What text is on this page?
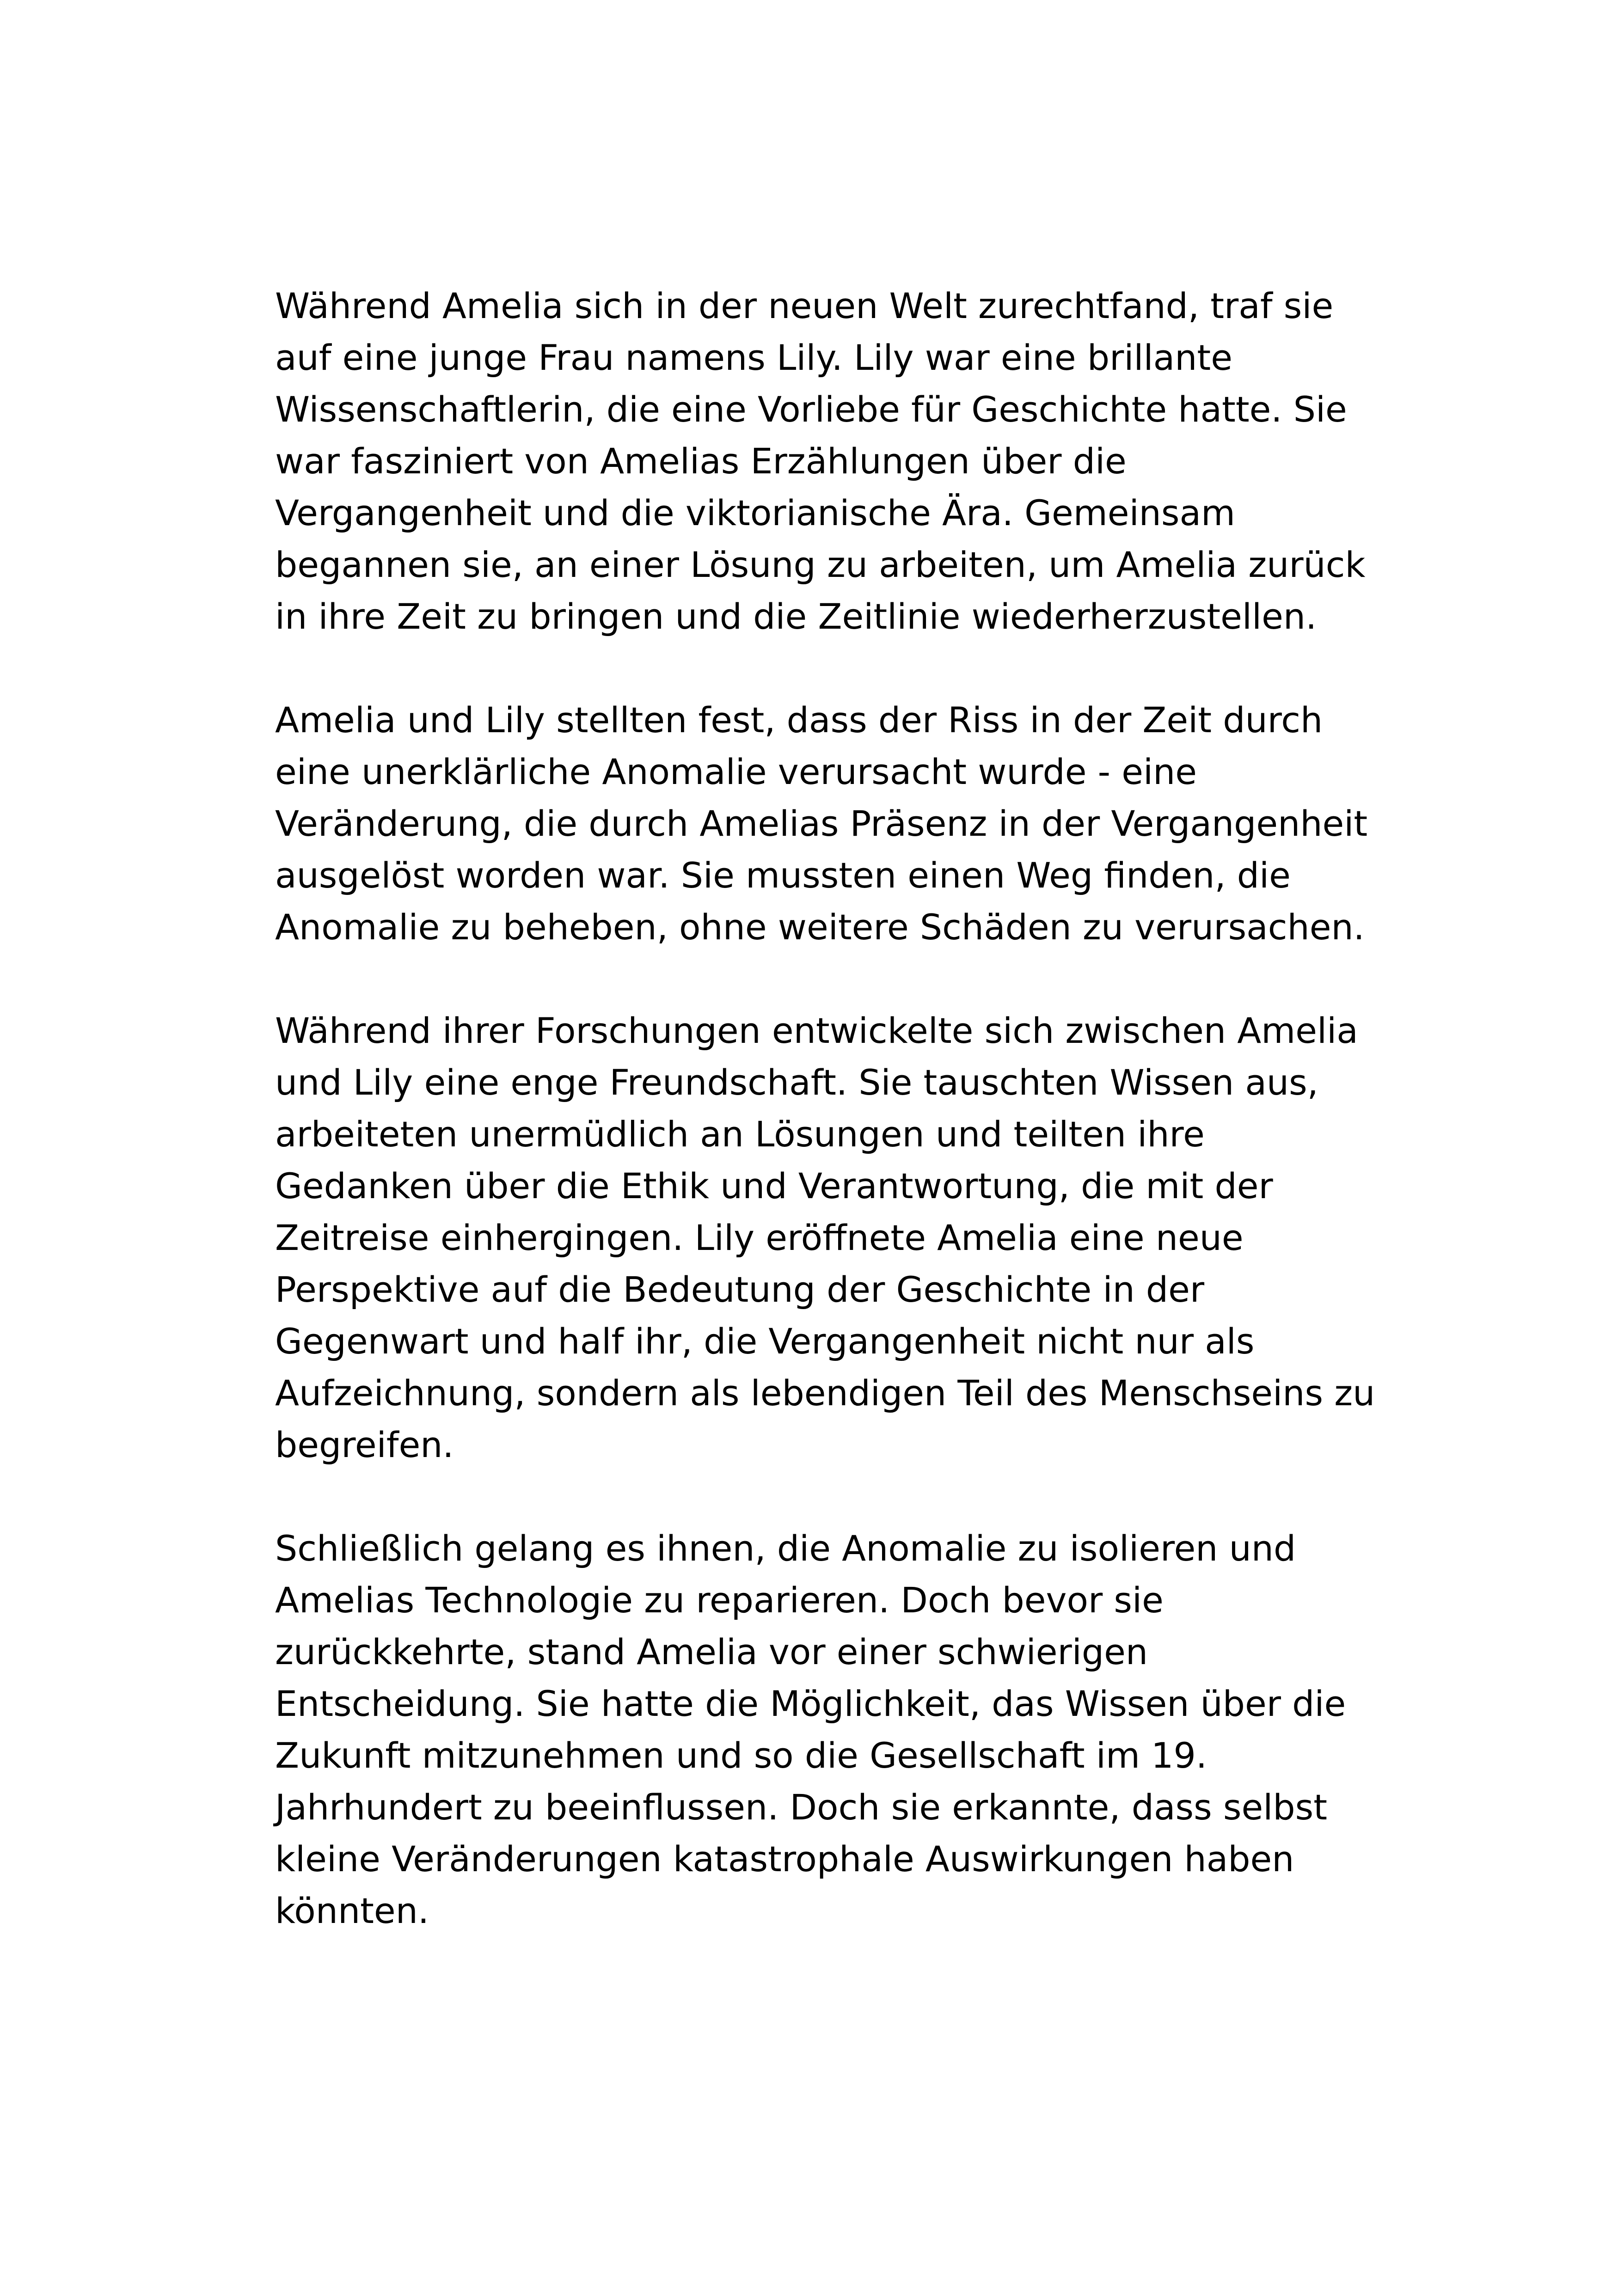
Während Amelia sich in der neuen Welt zurechtfand, traf sie
auf eine junge Frau namens Lily. Lily war eine brillante
Wissenschaftlerin, die eine Vorliebe für Geschichte hatte. Sie
war fasziniert von Amelias Erzählungen über die
Vergangenheit und die viktorianische Ära. Gemeinsam
begannen sie, an einer Lösung zu arbeiten, um Amelia zurück
in ihre Zeit zu bringen und die Zeitlinie wiederherzustellen.

Amelia und Lily stellten fest, dass der Riss in der Zeit durch
eine unerklärliche Anomalie verursacht wurde - eine
Veränderung, die durch Amelias Präsenz in der Vergangenheit
ausgelöst worden war. Sie mussten einen Weg finden, die
Anomalie zu beheben, ohne weitere Schäden zu verursachen.

Während ihrer Forschungen entwickelte sich zwischen Amelia
und Lily eine enge Freundschaft. Sie tauschten Wissen aus,
arbeiteten unermüdlich an Lösungen und teilten ihre
Gedanken über die Ethik und Verantwortung, die mit der
Zeitreise einhergingen. Lily eröffnete Amelia eine neue
Perspektive auf die Bedeutung der Geschichte in der
Gegenwart und half ihr, die Vergangenheit nicht nur als
Aufzeichnung, sondern als lebendigen Teil des Menschseins zu
begreifen.

Schließlich gelang es ihnen, die Anomalie zu isolieren und
Amelias Technologie zu reparieren. Doch bevor sie
zurückkehrte, stand Amelia vor einer schwierigen
Entscheidung. Sie hatte die Möglichkeit, das Wissen über die
Zukunft mitzunehmen und so die Gesellschaft im 19.
Jahrhundert zu beeinflussen. Doch sie erkannte, dass selbst
kleine Veränderungen katastrophale Auswirkungen haben
könnten.
